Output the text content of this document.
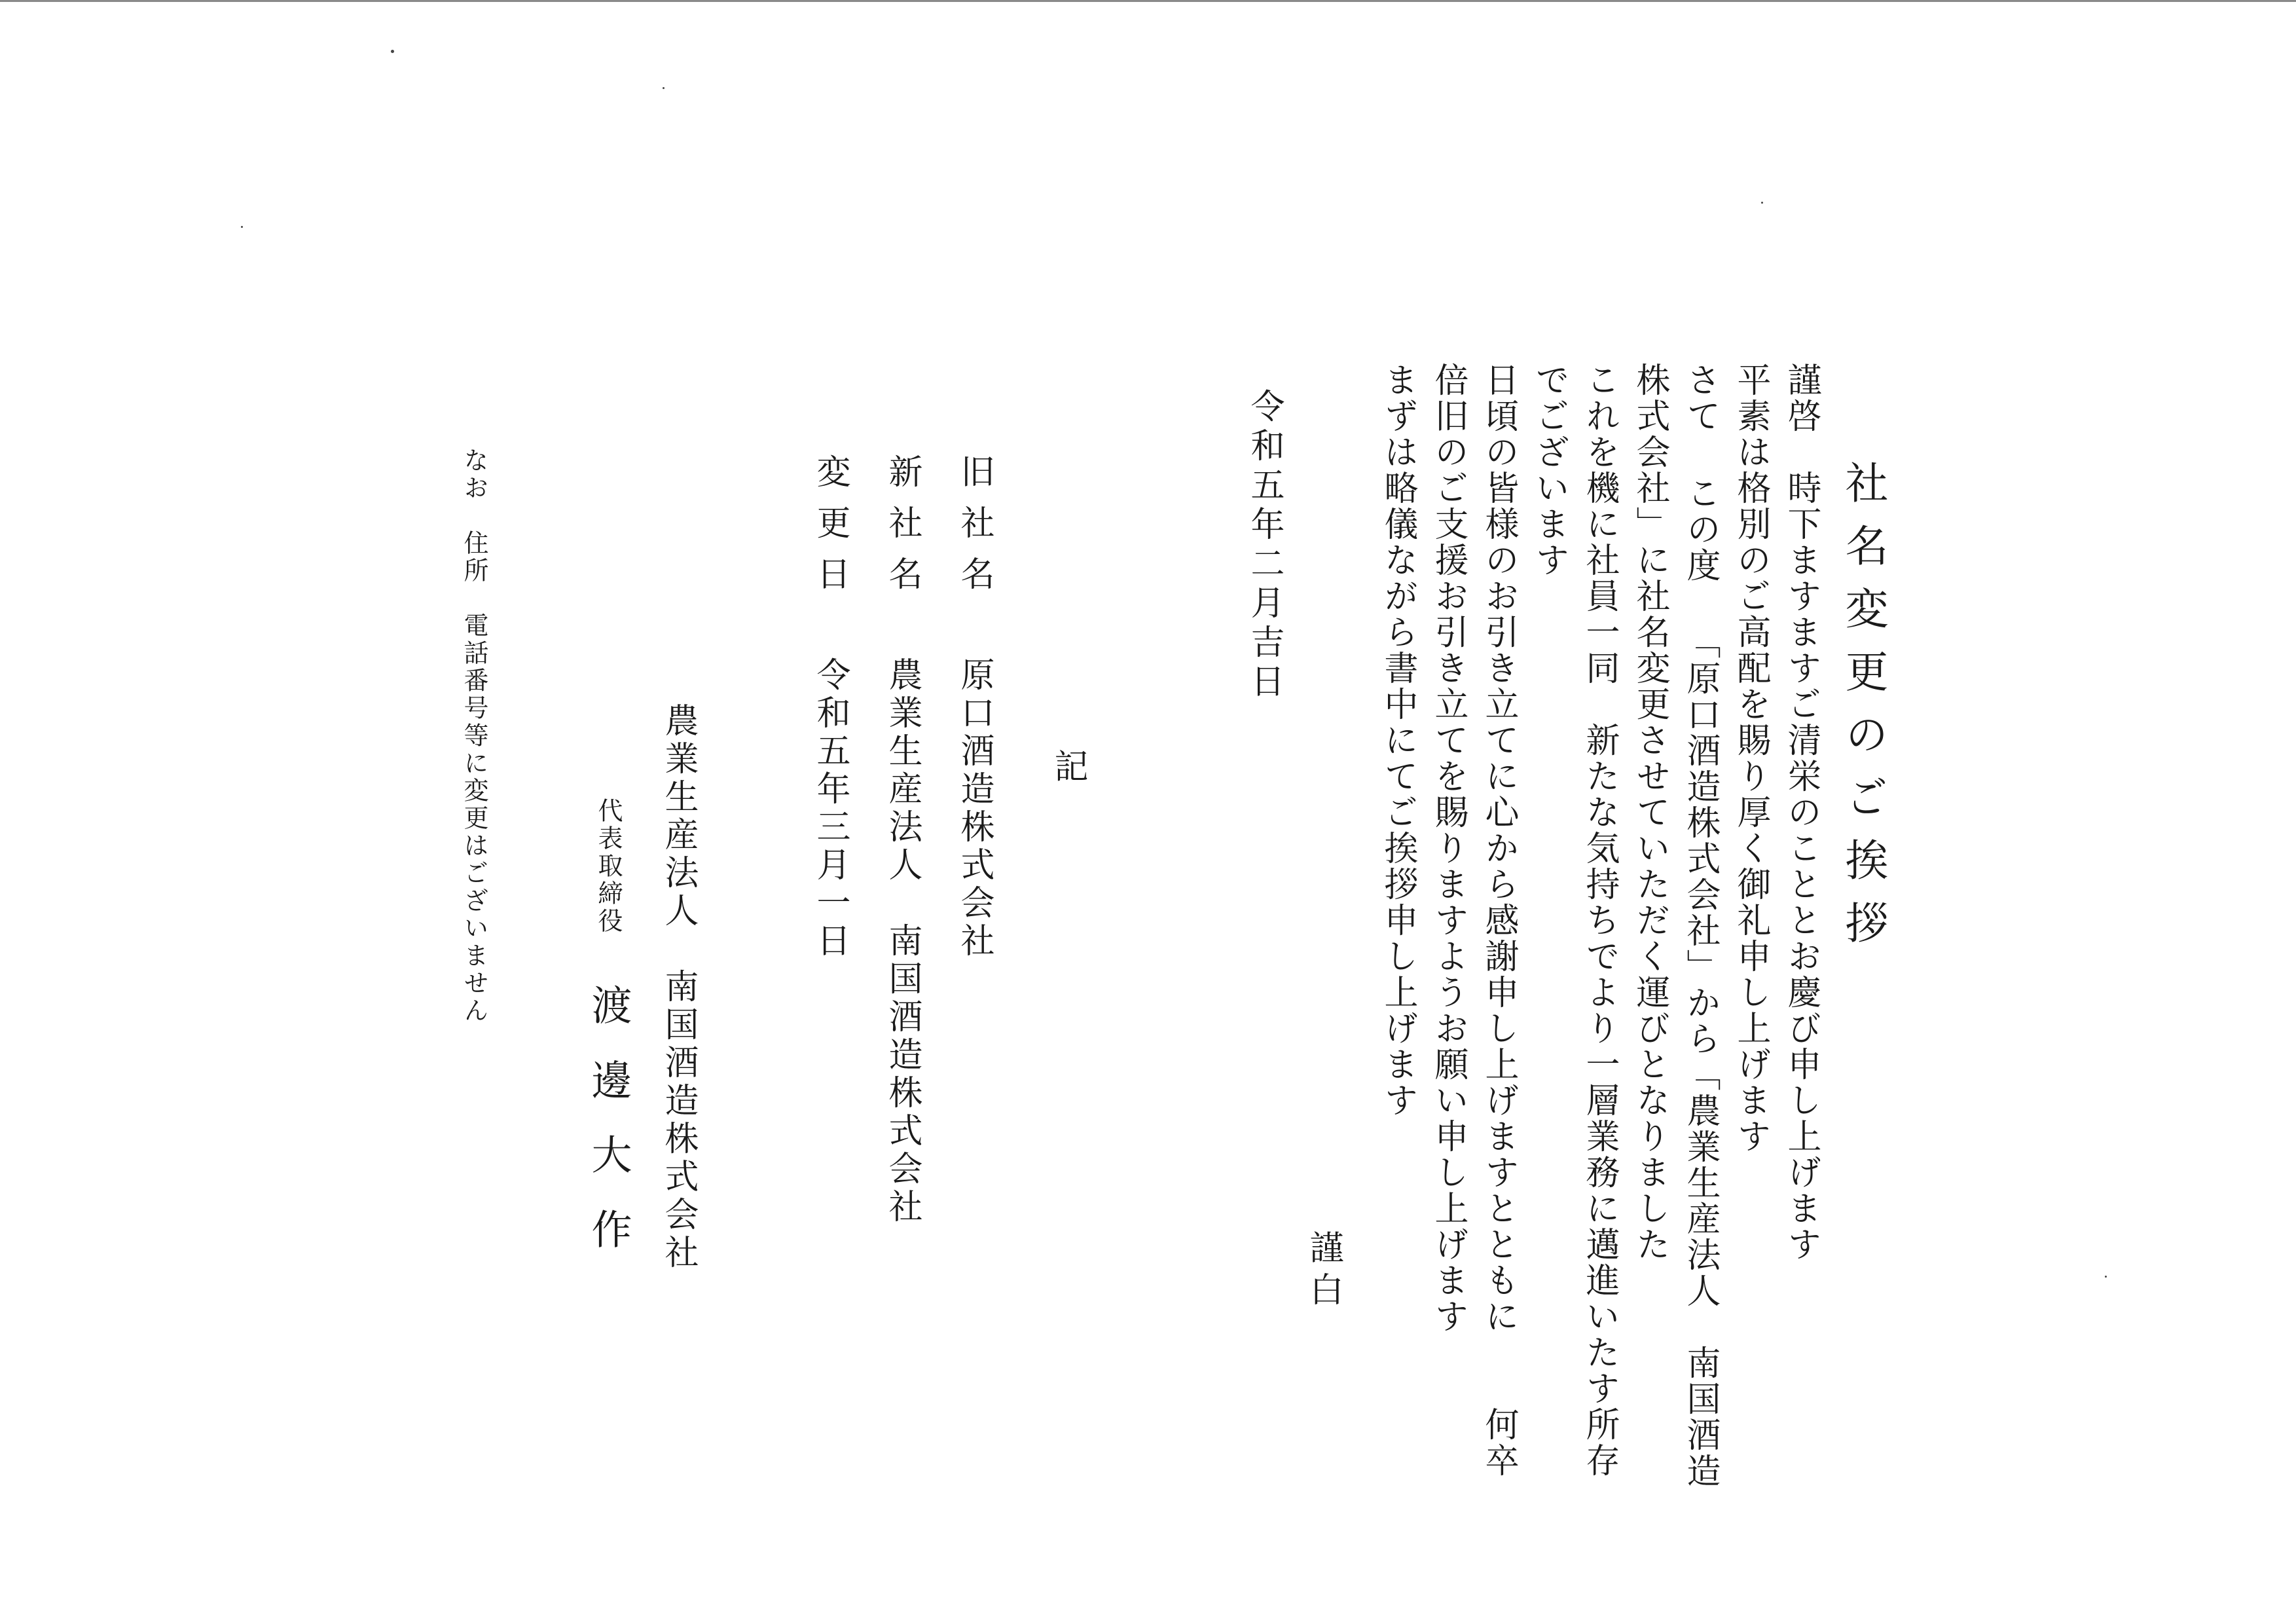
社名変更のご挨拶
謹啓　時下ますますご清栄のこととお慶び申し上げます
平素は格別のご高配を賜り厚く御礼申し上げます
さて この度 「原口酒造株式会社」から「農業生産法人　南国酒造
株式会社」に社名変更させていただく運びとなりました
これを機に社員一同　新たな気持ちでより一層業務に邁進いたす所存
でございます
日頃の皆様のお引き立てに心から感謝申し上げますとともに　　何卒
倍旧のご支援お引き立てを賜りますようお願い申し上げます
まずは略儀ながら書中にてご挨拶申し上げます
謹白
令和五年二月吉日
記
旧社名
新社名
変更日
原口酒造株式会社
農業生産法人　南国酒造株式会社
令和五年三月一日
農業生産法人　南国酒造株式会社
代表取締役
渡邊大作
なお　住所　電話番号等に変更はございません
